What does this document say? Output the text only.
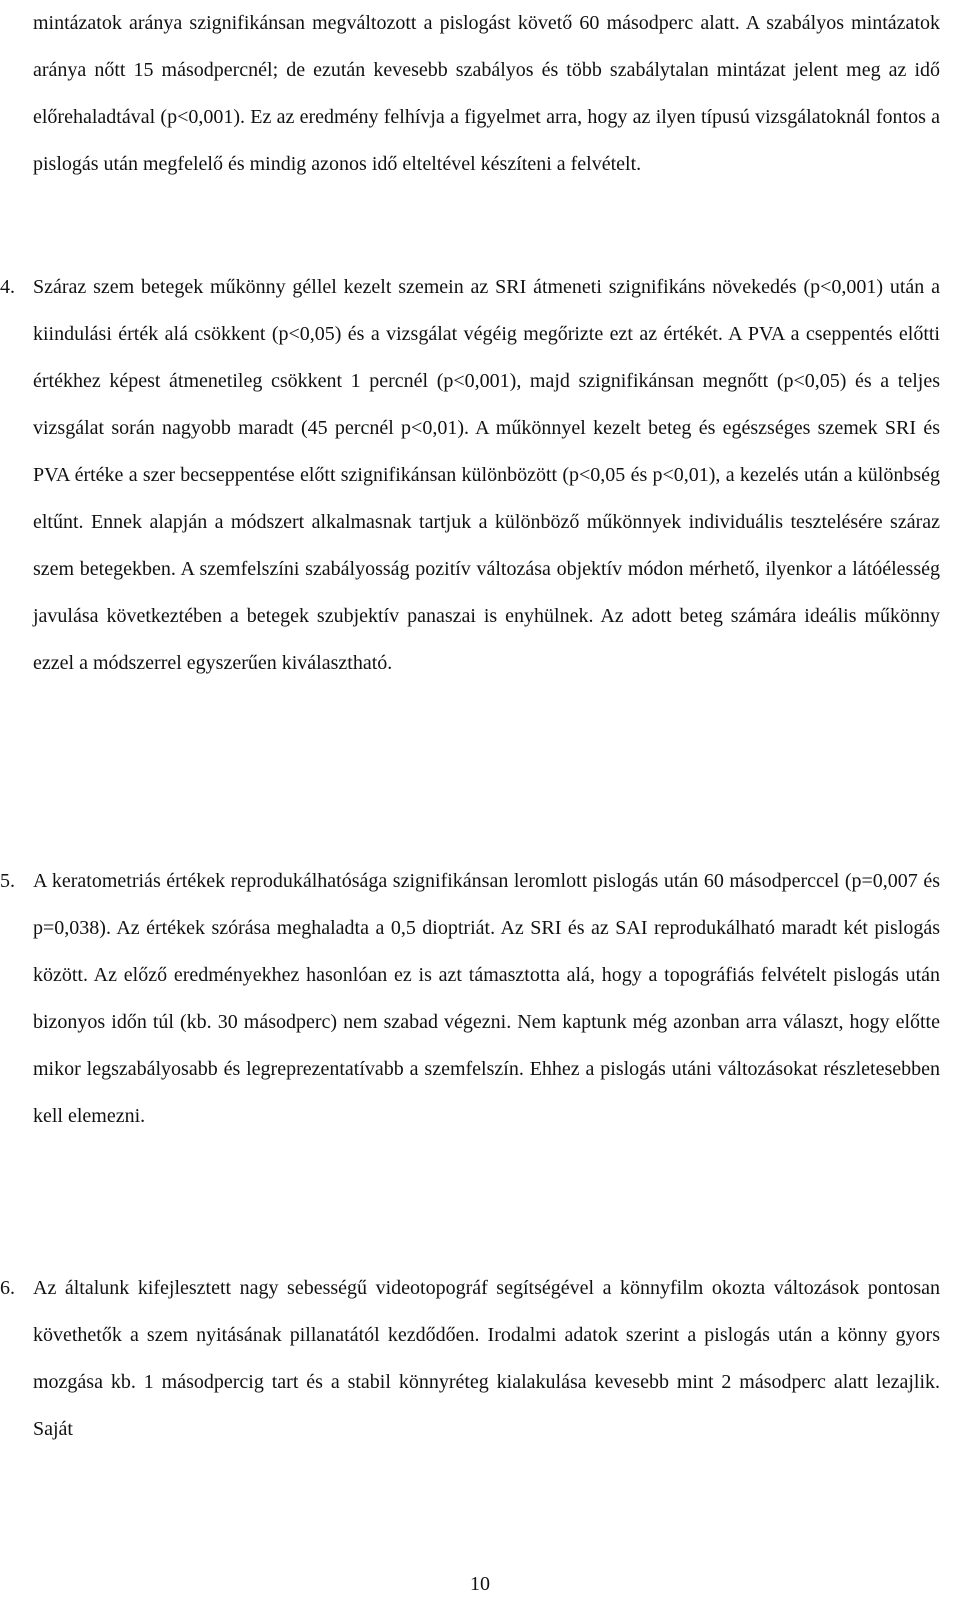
mintázatok aránya szignifikánsan megváltozott a pislogást követő 60 másodperc alatt. A szabályos mintázatok aránya nőtt 15 másodpercnél; de ezután kevesebb szabályos és több szabálytalan mintázat jelent meg az idő előrehaladtával (p<0,001). Ez az eredmény felhívja a figyelmet arra, hogy az ilyen típusú vizsgálatoknál fontos a pislogás után megfelelő és mindig azonos idő elteltével készíteni a felvételt.

4. Száraz szem betegek műkönny géllel kezelt szemein az SRI átmeneti szignifikáns növekedés (p<0,001) után a kiindulási érték alá csökkent (p<0,05) és a vizsgálat végéig megőrizte ezt az értékét. A PVA a cseppentés előtti értékhez képest átmenetileg csökkent 1 percnél (p<0,001), majd szignifikánsan megnőtt (p<0,05) és a teljes vizsgálat során nagyobb maradt (45 percnél p<0,01). A műkönnyel kezelt beteg és egészséges szemek SRI és PVA értéke a szer becseppentése előtt szignifikánsan különbözött (p<0,05 és p<0,01), a kezelés után a különbség eltűnt. Ennek alapján a módszert alkalmasnak tartjuk a különböző műkönnyek individuális tesztelésére száraz szem betegekben. A szemfelszíni szabályosság pozitív változása objektív módon mérhető, ilyenkor a látóélesség javulása következtében a betegek szubjektív panaszai is enyhülnek. Az adott beteg számára ideális műkönny ezzel a módszerrel egyszerűen kiválasztható.
5. A keratometriás értékek reprodukálhatósága szignifikánsan leromlott pislogás után 60 másodperccel (p=0,007 és p=0,038). Az értékek szórása meghaladta a 0,5 dioptriát. Az SRI és az SAI reprodukálható maradt két pislogás között. Az előző eredményekhez hasonlóan ez is azt támasztotta alá, hogy a topográfiás felvételt pislogás után bizonyos időn túl (kb. 30 másodperc) nem szabad végezni. Nem kaptunk még azonban arra választ, hogy előtte mikor legszabályosabb és legreprezentatívabb a szemfelszín. Ehhez a pislogás utáni változásokat részletesebben kell elemezni.
6. Az általunk kifejlesztett nagy sebességű videotopográf segítségével a könnyfilm okozta változások pontosan követhetők a szem nyitásának pillanatától kezdődően. Irodalmi adatok szerint a pislogás után a könny gyors mozgása kb. 1 másodpercig tart és a stabil könnyréteg kialakulása kevesebb mint 2 másodperc alatt lezajlik. Saját
10
